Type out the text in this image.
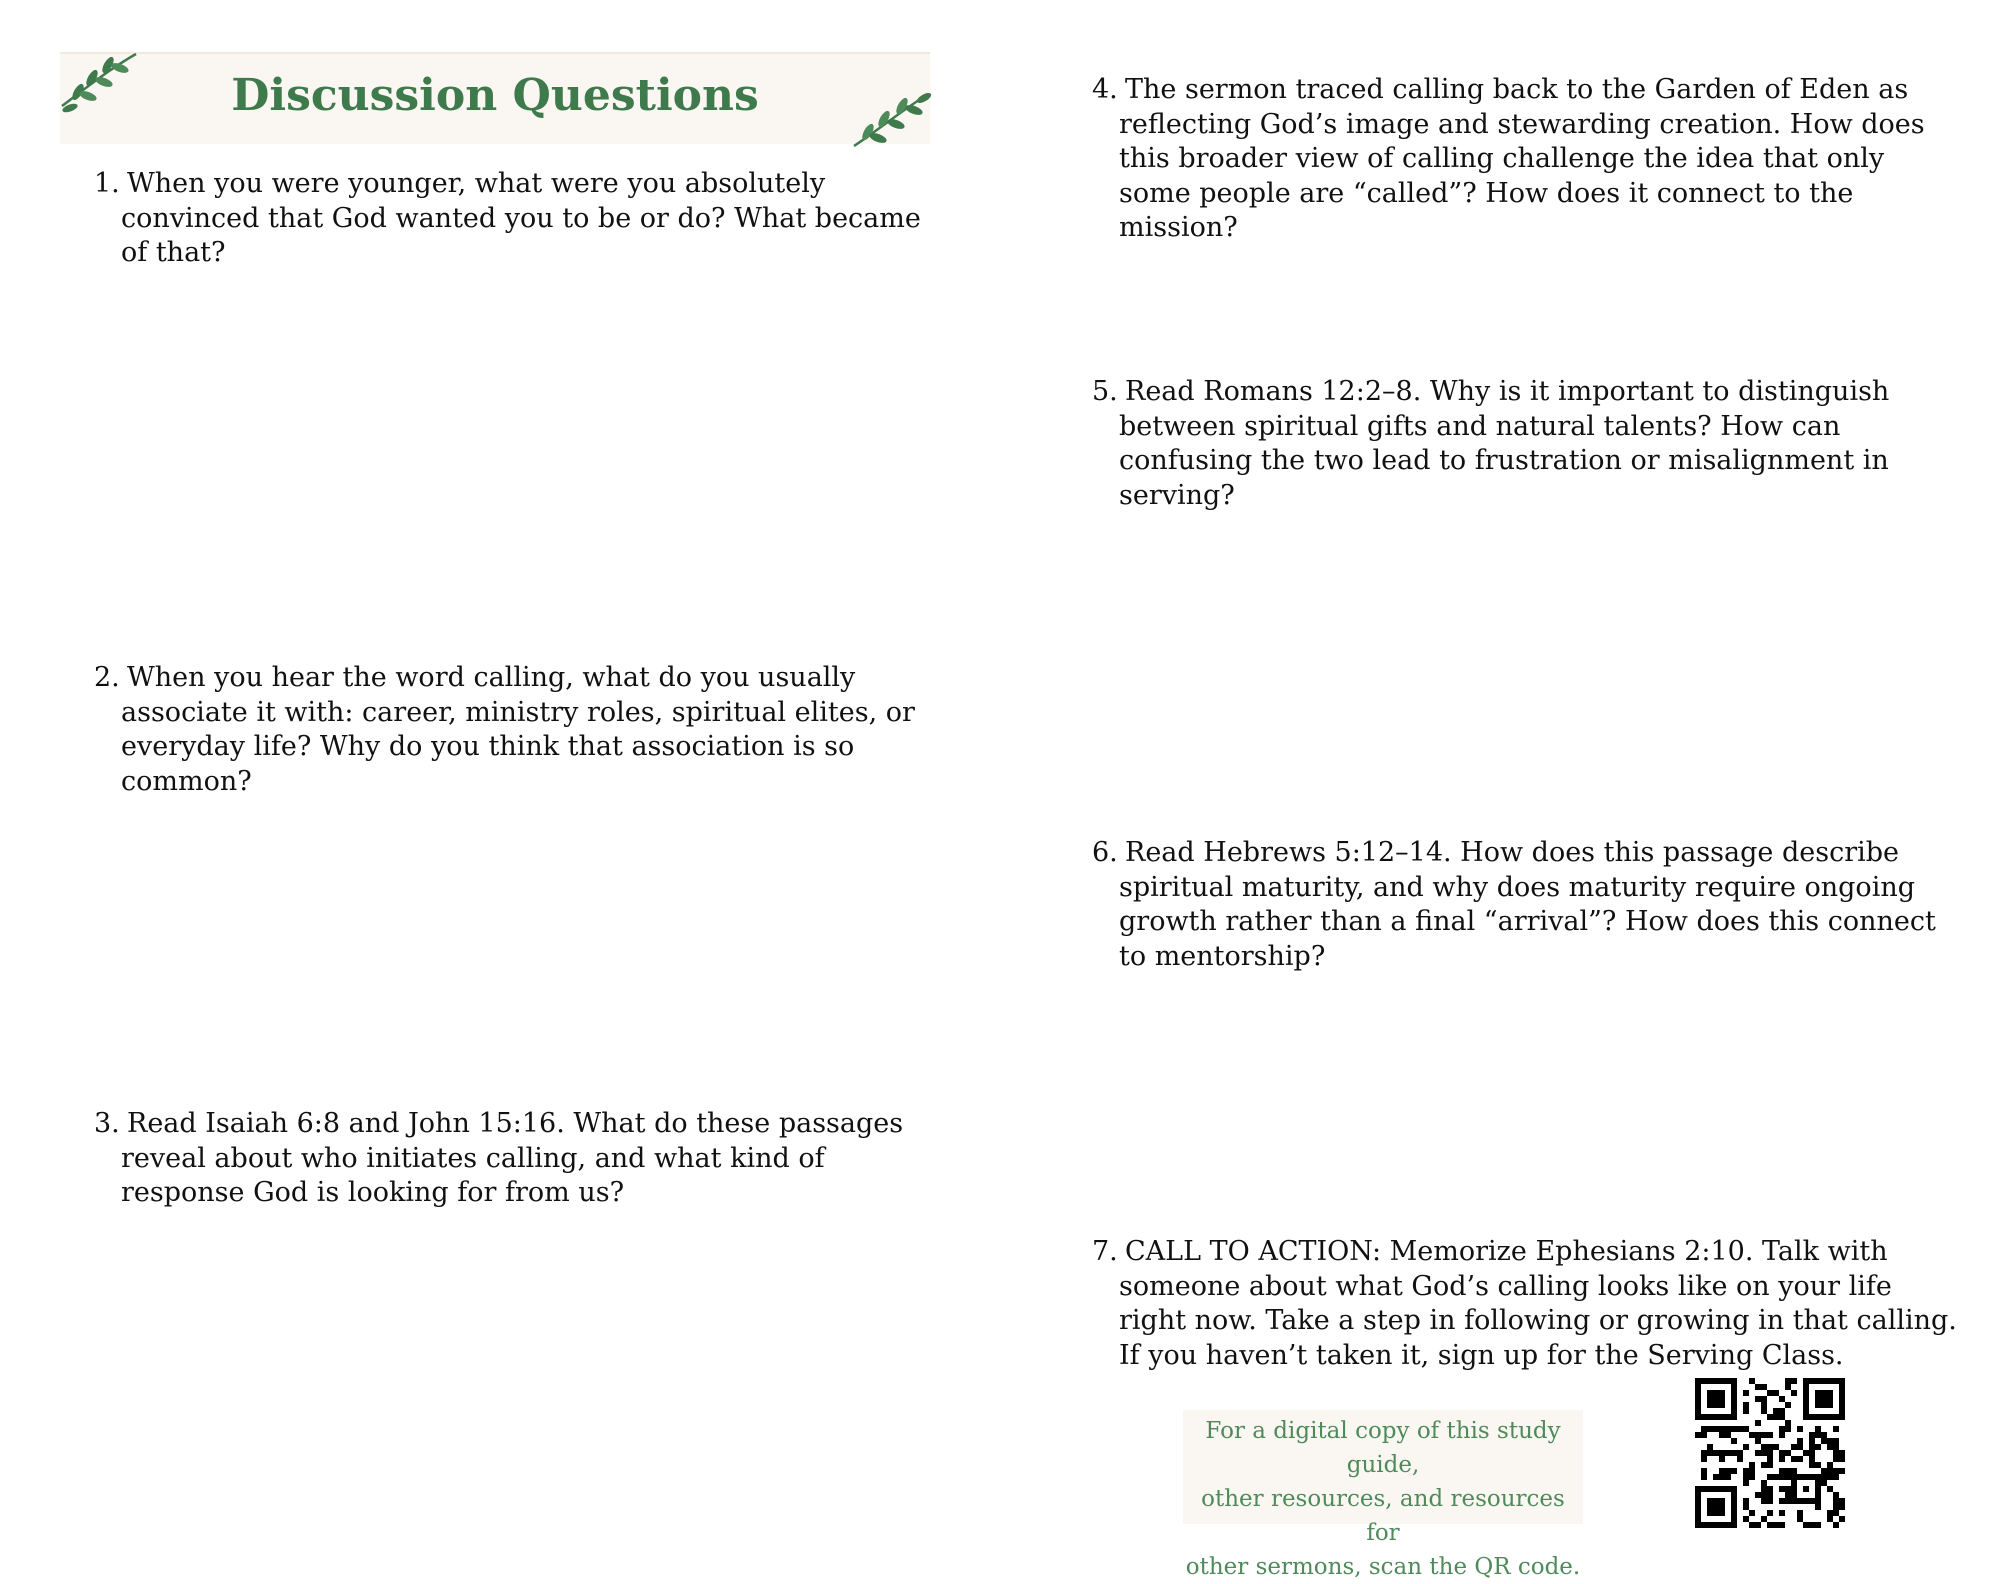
Discussion Questions

1. When you were younger, what were you absolutely convinced that God wanted you to be or do? What became of that?

2. When you hear the word calling, what do you usually associate it with: career, ministry roles, spiritual elites, or everyday life? Why do you think that association is so common?

3. Read Isaiah 6:8 and John 15:16. What do these passages reveal about who initiates calling, and what kind of response God is looking for from us?

4. The sermon traced calling back to the Garden of Eden as reflecting God’s image and stewarding creation. How does this broader view of calling challenge the idea that only some people are “called”? How does it connect to the mission?

5. Read Romans 12:2–8. Why is it important to distinguish between spiritual gifts and natural talents? How can confusing the two lead to frustration or misalignment in serving?

6. Read Hebrews 5:12–14. How does this passage describe spiritual maturity, and why does maturity require ongoing growth rather than a final “arrival”? How does this connect to mentorship?

7. CALL TO ACTION: Memorize Ephesians 2:10. Talk with someone about what God’s calling looks like on your life right now. Take a step in following or growing in that calling. If you haven’t taken it, sign up for the Serving Class.

For a digital copy of this study guide,
other resources, and resources for
other sermons, scan the QR code.
